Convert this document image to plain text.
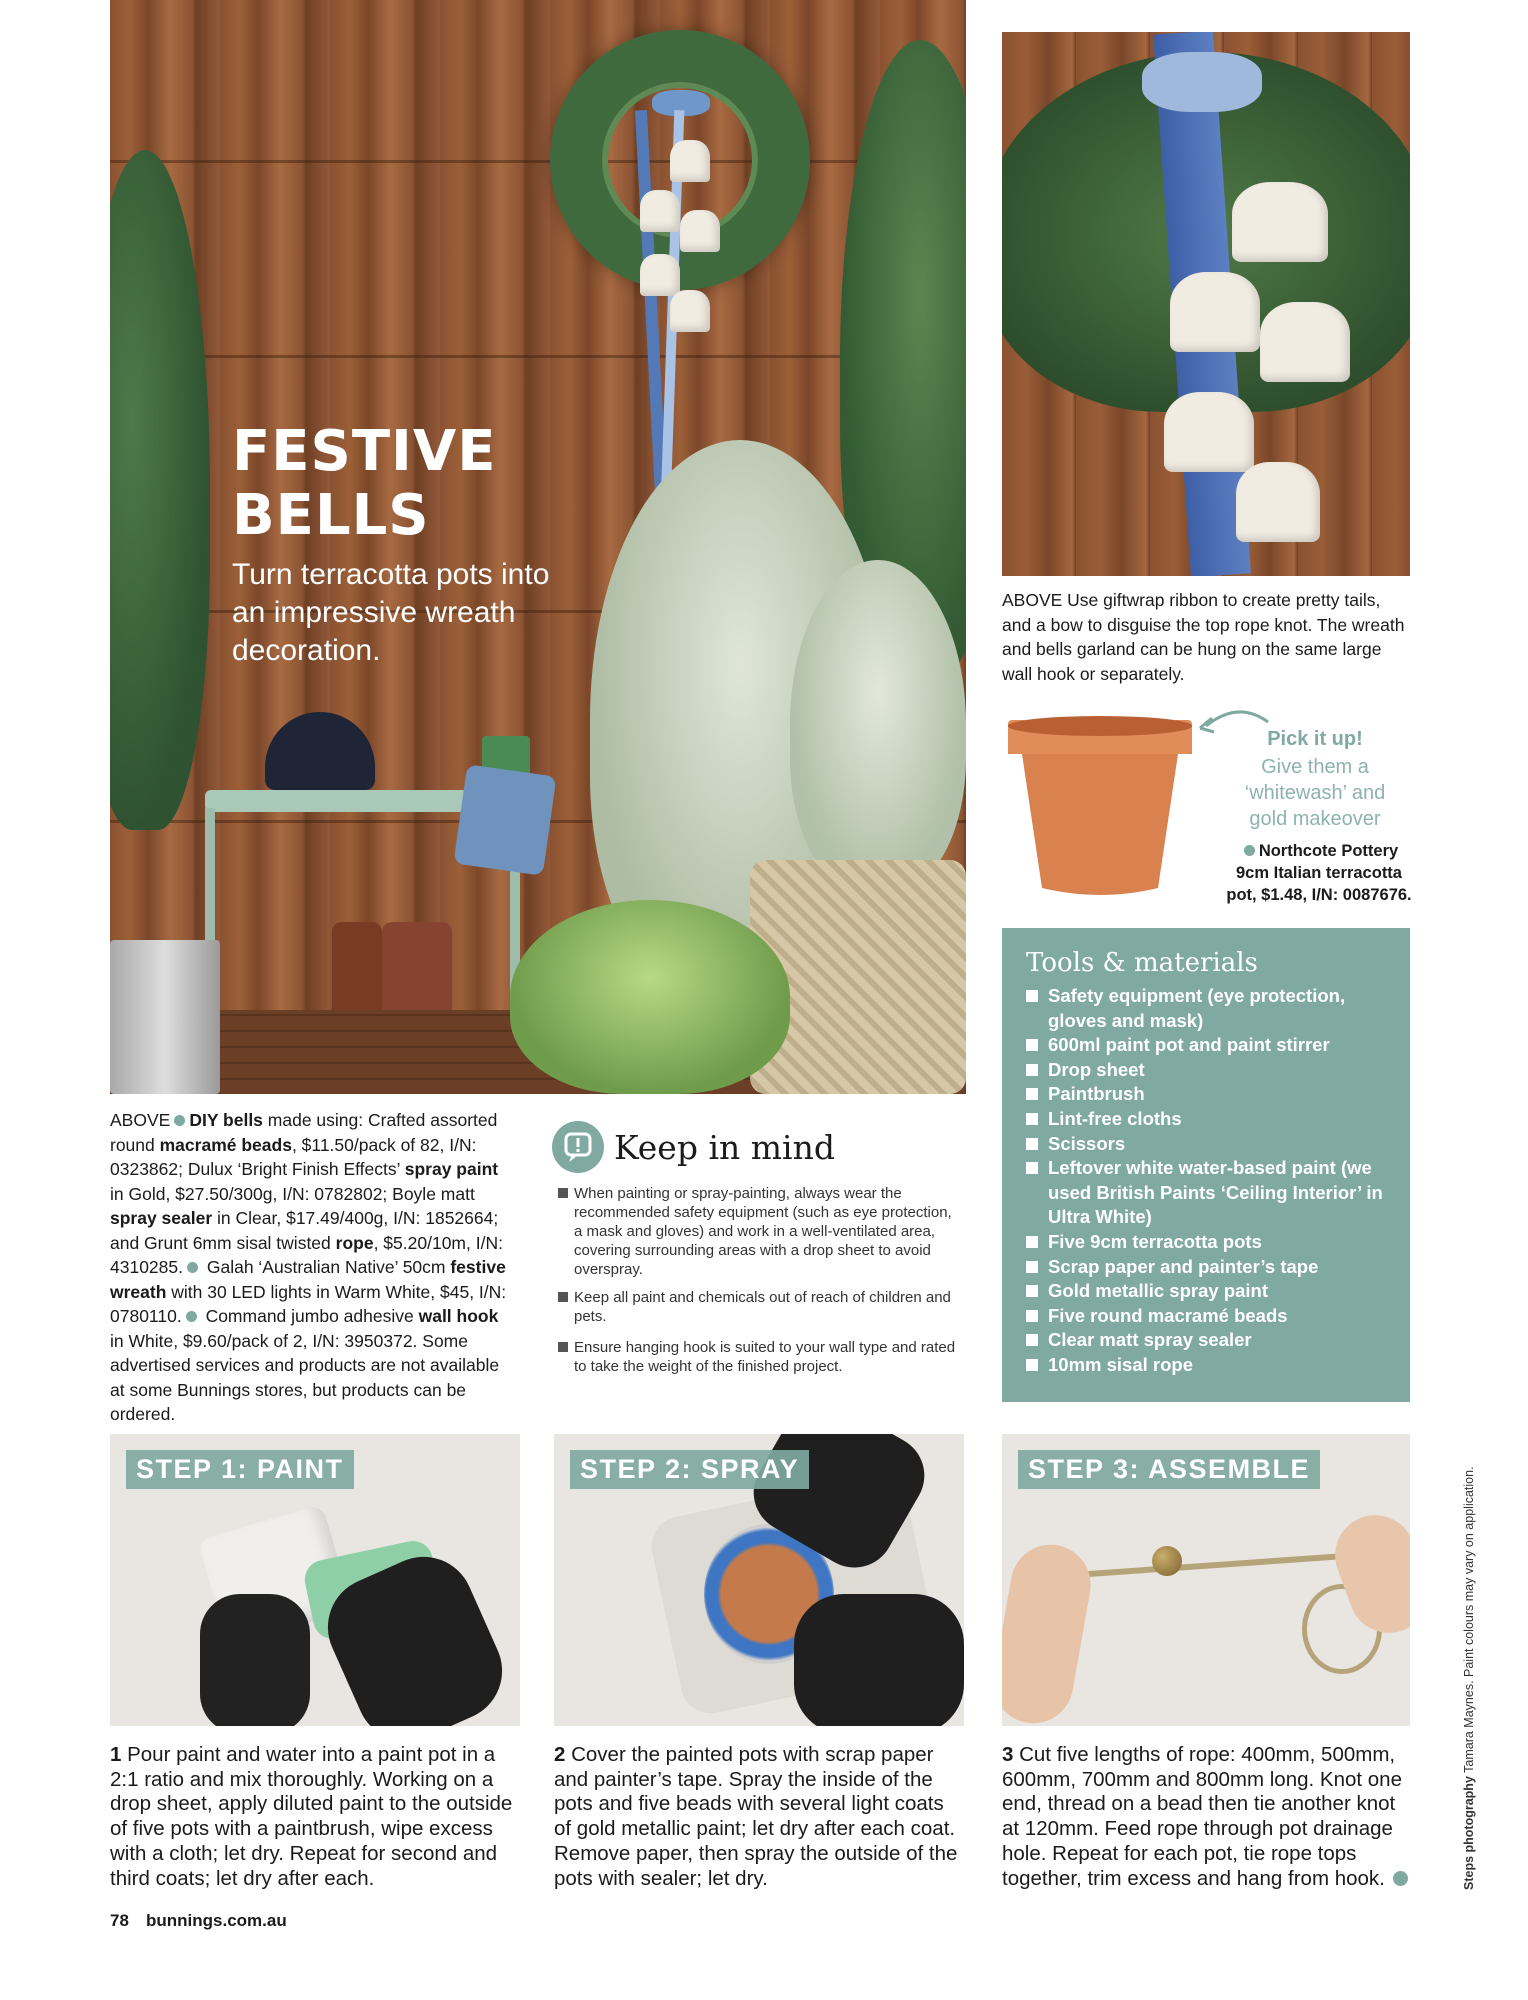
FESTIVE
BELLS
Turn terracotta pots into an impressive wreath decoration.
ABOVE Use giftwrap ribbon to create pretty tails, and a bow to disguise the top rope knot. The wreath and bells garland can be hung on the same large wall hook or separately.
Pick it up!
Give them a ‘whitewash’ and gold makeover
Northcote Pottery 9cm Italian terracotta pot, $1.48, I/N: 0087676.
Tools & materials
Safety equipment (eye protection, gloves and mask)
600ml paint pot and paint stirrer
Drop sheet
Paintbrush
Lint-free cloths
Scissors
Leftover white water-based paint (we used British Paints ‘Ceiling Interior’ in Ultra White)
Five 9cm terracotta pots
Scrap paper and painter’s tape
Gold metallic spray paint
Five round macramé beads
Clear matt spray sealer
10mm sisal rope
ABOVE DIY bells made using: Crafted assorted round macramé beads, $11.50/pack of 82, I/N: 0323862; Dulux ‘Bright Finish Effects’ spray paint in Gold, $27.50/300g, I/N: 0782802; Boyle matt spray sealer in Clear, $17.49/400g, I/N: 1852664; and Grunt 6mm sisal twisted rope, $5.20/10m, I/N: 4310285. Galah ‘Australian Native’ 50cm festive wreath with 30 LED lights in Warm White, $45, I/N: 0780110. Command jumbo adhesive wall hook in White, $9.60/pack of 2, I/N: 3950372. Some advertised services and products are not available at some Bunnings stores, but products can be ordered.
Keep in mind
When painting or spray-painting, always wear the recommended safety equipment (such as eye protection, a mask and gloves) and work in a well-ventilated area, covering surrounding areas with a drop sheet to avoid overspray.
Keep all paint and chemicals out of reach of children and pets.
Ensure hanging hook is suited to your wall type and rated to take the weight of the finished project.
STEP 1: PAINT	STEP 2: SPRAY	STEP 3: ASSEMBLE
1 Pour paint and water into a paint pot in a 2:1 ratio and mix thoroughly. Working on a drop sheet, apply diluted paint to the outside of five pots with a paintbrush, wipe excess with a cloth; let dry. Repeat for second and third coats; let dry after each.
2 Cover the painted pots with scrap paper and painter’s tape. Spray the inside of the pots and five beads with several light coats of gold metallic paint; let dry after each coat. Remove paper, then spray the outside of the pots with sealer; let dry.
3 Cut five lengths of rope: 400mm, 500mm, 600mm, 700mm and 800mm long. Knot one end, thread on a bead then tie another knot at 120mm. Feed rope through pot drainage hole. Repeat for each pot, tie rope tops together, trim excess and hang from hook.
78 bunnings.com.au
Steps photography Tamara Maynes. Paint colours may vary on application.
